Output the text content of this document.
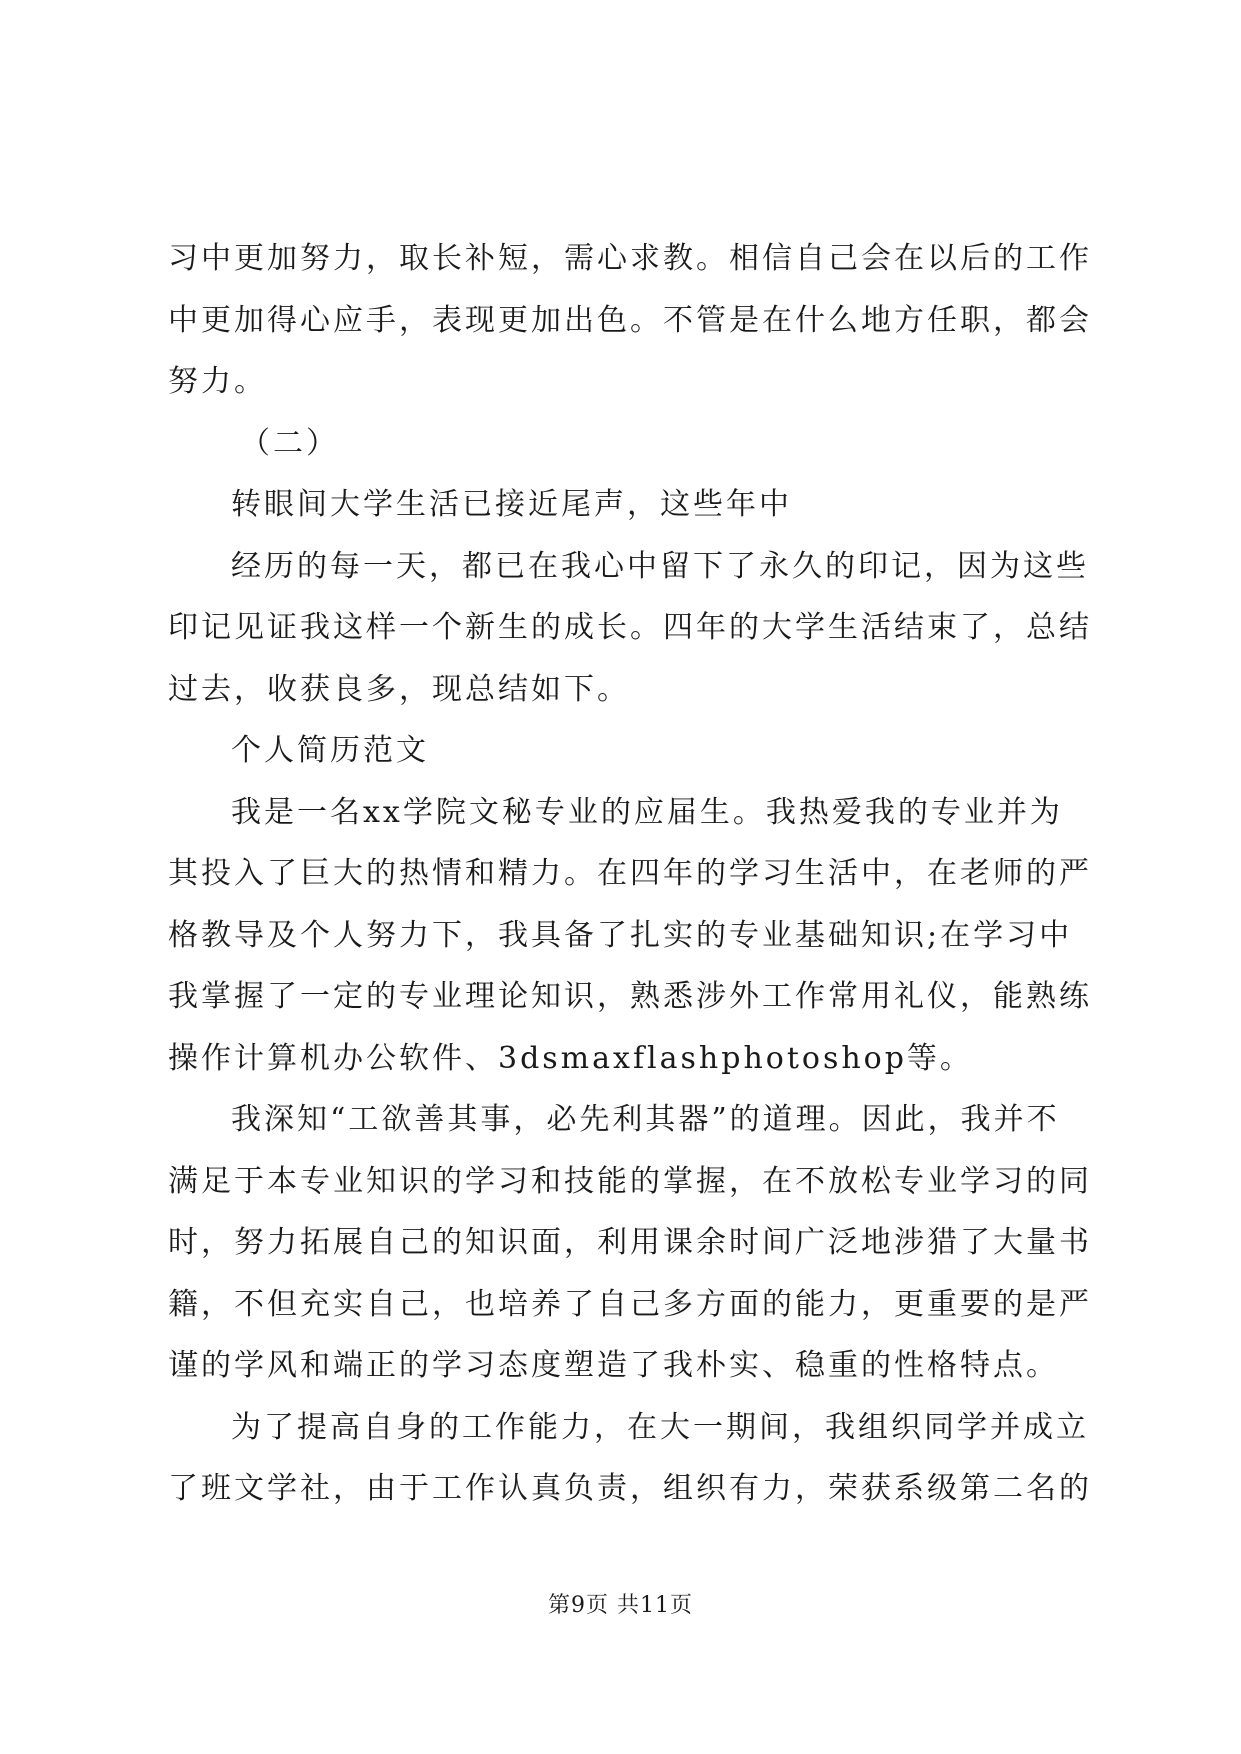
习中更加努力，取长补短，需心求教。相信自己会在以后的工作
中更加得心应手，表现更加出色。不管是在什么地方任职，都会
努力。
（二）
转眼间大学生活已接近尾声，这些年中
经历的每一天，都已在我心中留下了永久的印记，因为这些
印记见证我这样一个新生的成长。四年的大学生活结束了，总结
过去，收获良多，现总结如下。
个人简历范文
我是一名xx学院文秘专业的应届生。我热爱我的专业并为
其投入了巨大的热情和精力。在四年的学习生活中，在老师的严
格教导及个人努力下，我具备了扎实的专业基础知识;在学习中
我掌握了一定的专业理论知识，熟悉涉外工作常用礼仪，能熟练
操作计算机办公软件、3dsmaxflashphotoshop等。
我深知“工欲善其事，必先利其器”的道理。因此，我并不
满足于本专业知识的学习和技能的掌握，在不放松专业学习的同
时，努力拓展自己的知识面，利用课余时间广泛地涉猎了大量书
籍，不但充实自己，也培养了自己多方面的能力，更重要的是严
谨的学风和端正的学习态度塑造了我朴实、稳重的性格特点。
为了提高自身的工作能力，在大一期间，我组织同学并成立
了班文学社，由于工作认真负责，组织有力，荣获系级第二名的
第9页 共11页
